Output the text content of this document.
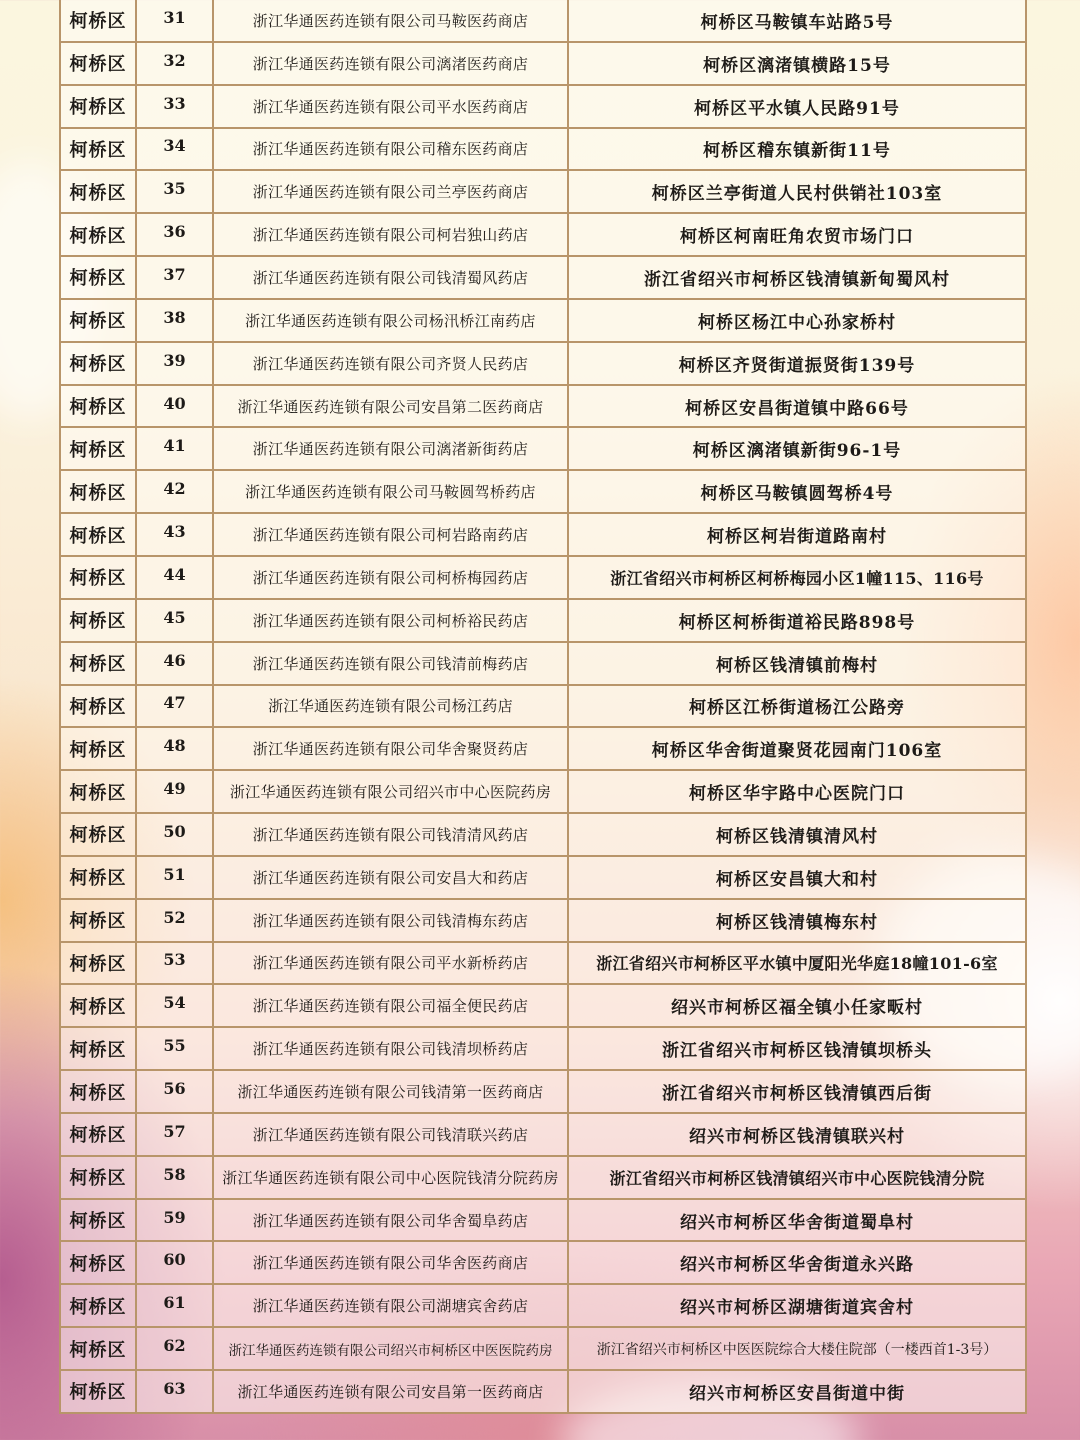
柯桥区	31	浙江华通医药连锁有限公司马鞍医药商店	柯桥区马鞍镇车站路5号
柯桥区	32	浙江华通医药连锁有限公司漓渚医药商店	柯桥区漓渚镇横路15号
柯桥区	33	浙江华通医药连锁有限公司平水医药商店	柯桥区平水镇人民路91号
柯桥区	34	浙江华通医药连锁有限公司稽东医药商店	柯桥区稽东镇新街11号
柯桥区	35	浙江华通医药连锁有限公司兰亭医药商店	柯桥区兰亭街道人民村供销社103室
柯桥区	36	浙江华通医药连锁有限公司柯岩独山药店	柯桥区柯南旺角农贸市场门口
柯桥区	37	浙江华通医药连锁有限公司钱清蜀风药店	浙江省绍兴市柯桥区钱清镇新甸蜀风村
柯桥区	38	浙江华通医药连锁有限公司杨汛桥江南药店	柯桥区杨江中心孙家桥村
柯桥区	39	浙江华通医药连锁有限公司齐贤人民药店	柯桥区齐贤街道振贤街139号
柯桥区	40	浙江华通医药连锁有限公司安昌第二医药商店	柯桥区安昌街道镇中路66号
柯桥区	41	浙江华通医药连锁有限公司漓渚新街药店	柯桥区漓渚镇新街96-1号
柯桥区	42	浙江华通医药连锁有限公司马鞍圆驾桥药店	柯桥区马鞍镇圆驾桥4号
柯桥区	43	浙江华通医药连锁有限公司柯岩路南药店	柯桥区柯岩街道路南村
柯桥区	44	浙江华通医药连锁有限公司柯桥梅园药店	浙江省绍兴市柯桥区柯桥梅园小区1幢115、116号
柯桥区	45	浙江华通医药连锁有限公司柯桥裕民药店	柯桥区柯桥街道裕民路898号
柯桥区	46	浙江华通医药连锁有限公司钱清前梅药店	柯桥区钱清镇前梅村
柯桥区	47	浙江华通医药连锁有限公司杨江药店	柯桥区江桥街道杨江公路旁
柯桥区	48	浙江华通医药连锁有限公司华舍聚贤药店	柯桥区华舍街道聚贤花园南门106室
柯桥区	49	浙江华通医药连锁有限公司绍兴市中心医院药房	柯桥区华宇路中心医院门口
柯桥区	50	浙江华通医药连锁有限公司钱清清风药店	柯桥区钱清镇清风村
柯桥区	51	浙江华通医药连锁有限公司安昌大和药店	柯桥区安昌镇大和村
柯桥区	52	浙江华通医药连锁有限公司钱清梅东药店	柯桥区钱清镇梅东村
柯桥区	53	浙江华通医药连锁有限公司平水新桥药店	浙江省绍兴市柯桥区平水镇中厦阳光华庭18幢101-6室
柯桥区	54	浙江华通医药连锁有限公司福全便民药店	绍兴市柯桥区福全镇小任家畈村
柯桥区	55	浙江华通医药连锁有限公司钱清坝桥药店	浙江省绍兴市柯桥区钱清镇坝桥头
柯桥区	56	浙江华通医药连锁有限公司钱清第一医药商店	浙江省绍兴市柯桥区钱清镇西后街
柯桥区	57	浙江华通医药连锁有限公司钱清联兴药店	绍兴市柯桥区钱清镇联兴村
柯桥区	58	浙江华通医药连锁有限公司中心医院钱清分院药房	浙江省绍兴市柯桥区钱清镇绍兴市中心医院钱清分院
柯桥区	59	浙江华通医药连锁有限公司华舍蜀阜药店	绍兴市柯桥区华舍街道蜀阜村
柯桥区	60	浙江华通医药连锁有限公司华舍医药商店	绍兴市柯桥区华舍街道永兴路
柯桥区	61	浙江华通医药连锁有限公司湖塘宾舍药店	绍兴市柯桥区湖塘街道宾舍村
柯桥区	62	浙江华通医药连锁有限公司绍兴市柯桥区中医医院药房	浙江省绍兴市柯桥区中医医院综合大楼住院部（一楼西首1-3号）
柯桥区	63	浙江华通医药连锁有限公司安昌第一医药商店	绍兴市柯桥区安昌街道中街
